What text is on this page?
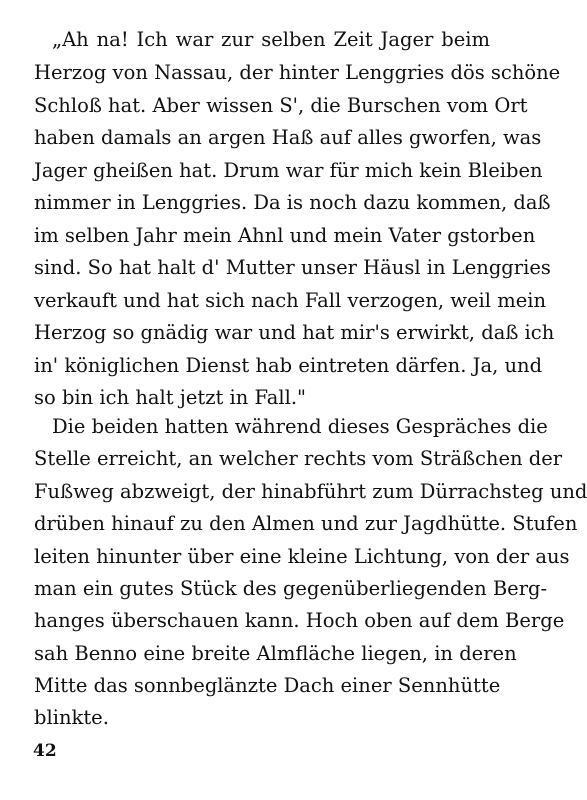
„Ah na! Ich war zur selben Zeit Jager beim
Herzog von Nassau, der hinter Lenggries dös schöne
Schloß hat. Aber wissen S', die Burschen vom Ort
haben damals an argen Haß auf alles gworfen, was
Jager gheißen hat. Drum war für mich kein Bleiben
nimmer in Lenggries. Da is noch dazu kommen, daß
im selben Jahr mein Ahnl und mein Vater gstorben
sind. So hat halt d' Mutter unser Häusl in Lenggries
verkauft und hat sich nach Fall verzogen, weil mein
Herzog so gnädig war und hat mir's erwirkt, daß ich
in' königlichen Dienst hab eintreten därfen. Ja, und
so bin ich halt jetzt in Fall."
Die beiden hatten während dieses Gespräches die
Stelle erreicht, an welcher rechts vom Sträßchen der
Fußweg abzweigt, der hinabführt zum Dürrachsteg und
drüben hinauf zu den Almen und zur Jagdhütte. Stufen
leiten hinunter über eine kleine Lichtung, von der aus
man ein gutes Stück des gegenüberliegenden Berg-
hanges überschauen kann. Hoch oben auf dem Berge
sah Benno eine breite Almfläche liegen, in deren
Mitte das sonnbeglänzte Dach einer Sennhütte
blinkte.
42
